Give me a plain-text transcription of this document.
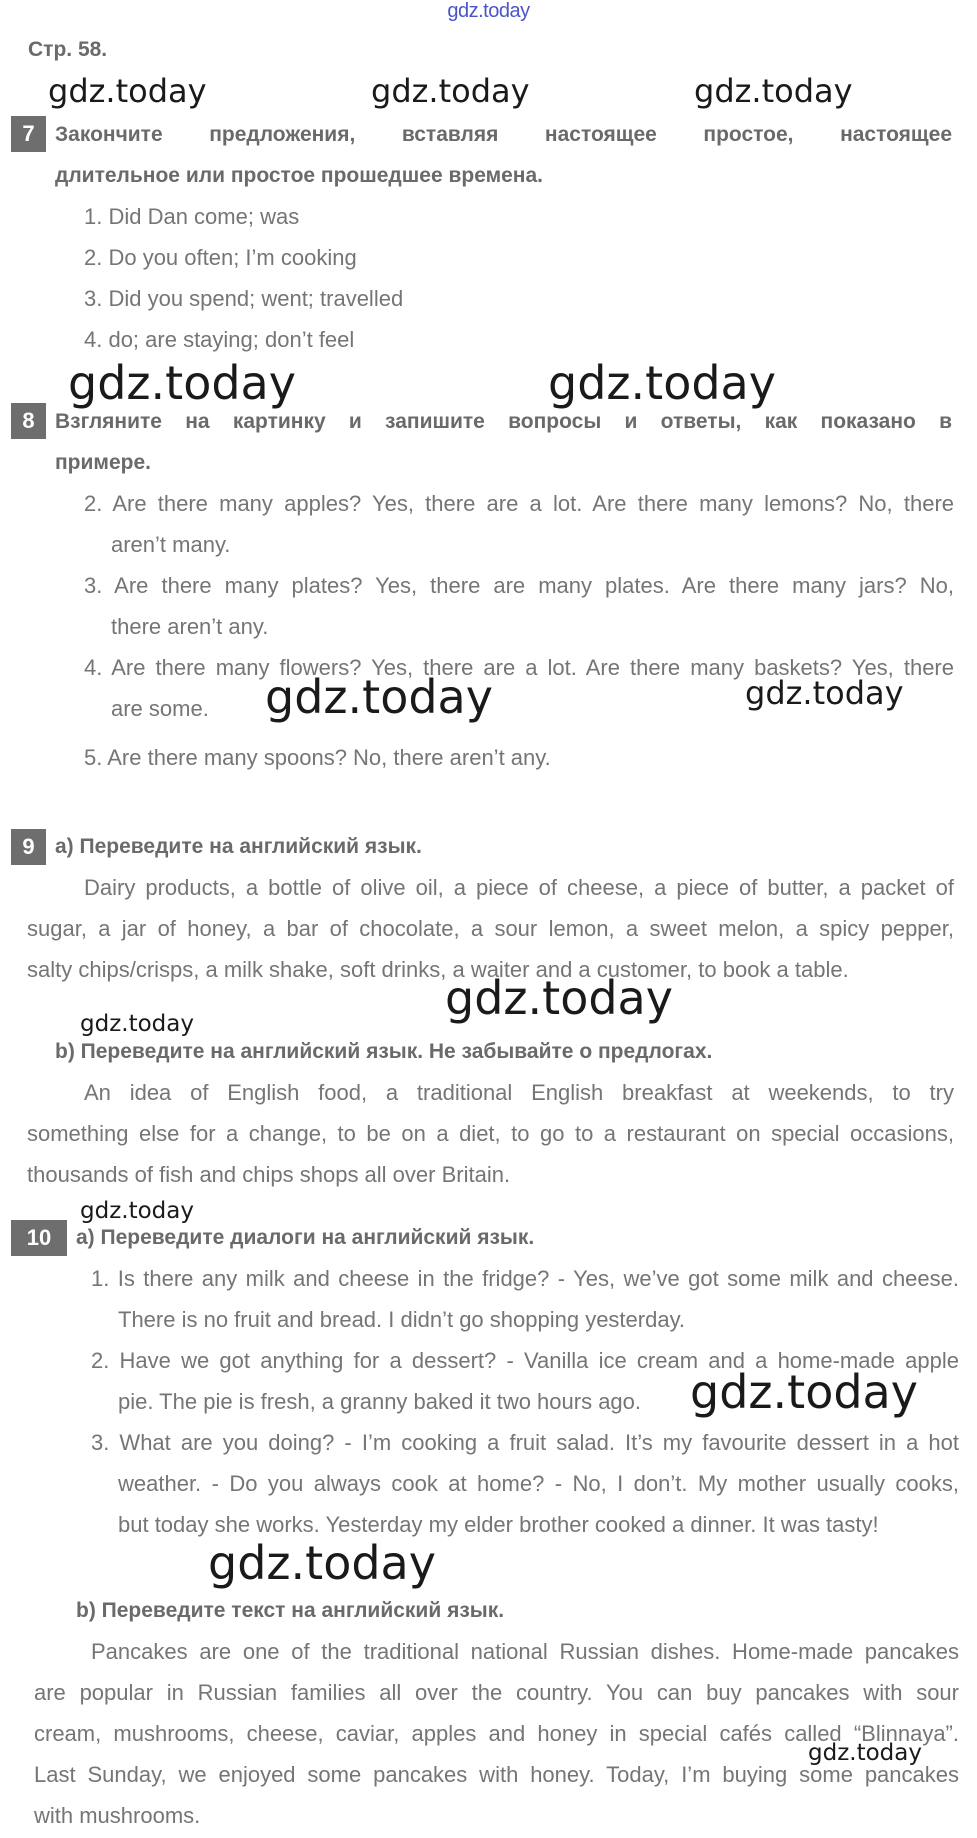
gdz.today
Стр. 58.
gdz.today	gdz.today	gdz.today
7 Закончите предложения, вставляя настоящее простое, настоящее
длительное или простое прошедшее времена.
1. Did Dan come; was
2. Do you often; I’m cooking
3. Did you spend; went; travelled
4. do; are staying; don’t feel
gdz.today	gdz.today
8 Взгляните на картинку и запишите вопросы и ответы, как показано в
примере.
2. Are there many apples? Yes, there are a lot. Are there many lemons? No, there
aren’t many.
3. Are there many plates? Yes, there are many plates. Are there many jars? No,
there aren’t any.
4. Are there many flowers? Yes, there are a lot. Are there many baskets? Yes, there
are some. gdz.today	gdz.today
5. Are there many spoons? No, there aren’t any.
9 a) Переведите на английский язык.
Dairy products, a bottle of olive oil, a piece of cheese, a piece of butter, a packet of
sugar, a jar of honey, a bar of chocolate, a sour lemon, a sweet melon, a spicy pepper,
salty chips/crisps, a milk shake, soft drinks, a waiter and a customer, to book a table.
gdz.today	gdz.today
b) Переведите на английский язык. Не забывайте о предлогах.
An idea of English food, a traditional English breakfast at weekends, to try
something else for a change, to be on a diet, to go to a restaurant on special occasions,
thousands of fish and chips shops all over Britain.
gdz.today
10	a) Переведите диалоги на английский язык.
1. Is there any milk and cheese in the fridge? - Yes, we’ve got some milk and cheese.
There is no fruit and bread. I didn’t go shopping yesterday.
2. Have we got anything for a dessert? - Vanilla ice cream and a home-made apple
pie. The pie is fresh, a granny baked it two hours ago. gdz.today
3. What are you doing? - I’m cooking a fruit salad. It’s my favourite dessert in a hot
weather. - Do you always cook at home? - No, I don’t. My mother usually cooks,
but today she works. Yesterday my elder brother cooked a dinner. It was tasty!
gdz.today
b) Переведите текст на английский язык.
Pancakes are one of the traditional national Russian dishes. Home-made pancakes
are popular in Russian families all over the country. You can buy pancakes with sour
cream, mushrooms, cheese, caviar, apples and honey in special cafés called “Blinnaya”.
gdz.today
Last Sunday, we enjoyed some pancakes with honey. Today, I’m buying some pancakes
with mushrooms.
